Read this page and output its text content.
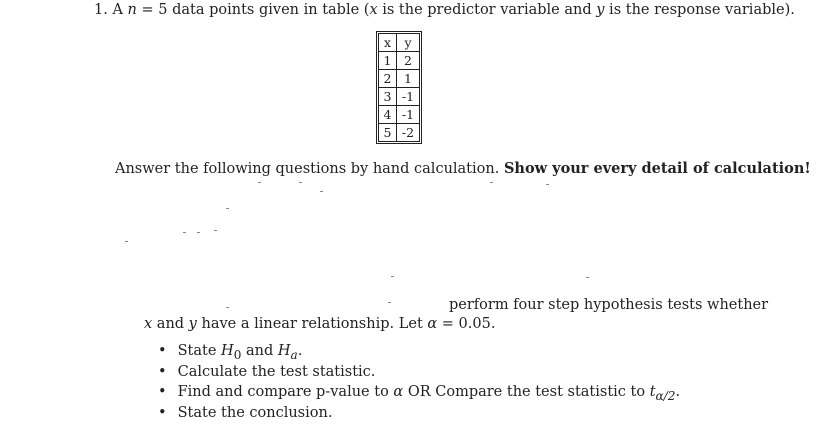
1. A n = 5 data points given in table (x is the predictor variable and y is the response variable).
x	y
1	2
2	1
3	-1
4	-1
5	-2
Answer the following questions by hand calculation. Show your every detail of calculation!
perform four step hypothesis tests whether
x and y have a linear relationship. Let α = 0.05.
• State $H_0$ and $H_a$.
• Calculate the test statistic.
• Find and compare p-value to α OR Compare the test statistic to $t_{\alpha/2}$.
• State the conclusion.
